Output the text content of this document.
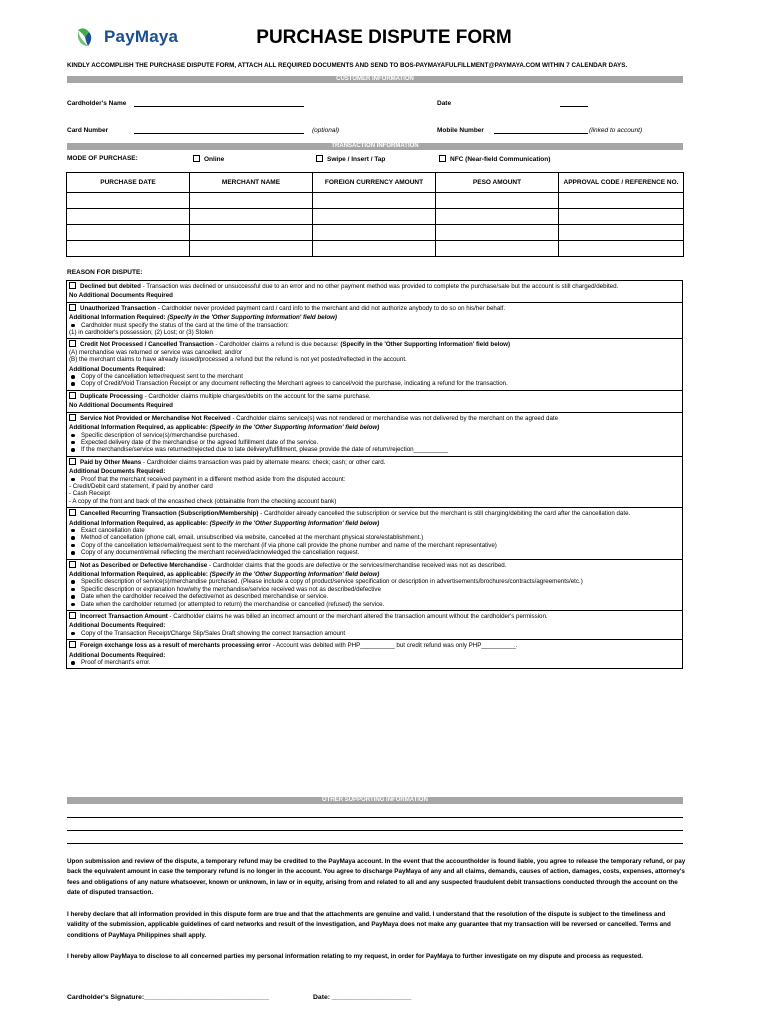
PayMaya	PURCHASE DISPUTE FORM
KINDLY ACCOMPLISH THE PURCHASE DISPUTE FORM, ATTACH ALL REQUIRED DOCUMENTS AND SEND TO BOS-PAYMAYAFULFILLMENT@PAYMAYA.COM WITHIN 7 CALENDAR DAYS.
CUSTOMER INFORMATION
Cardholder's Name	Date
Card Number	(optional)	Mobile Number	(linked to account)
TRANSACTION INFORMATION
MODE OF PURCHASE:	Online	Swipe / Insert / Tap	NFC (Near-field Communication)
PURCHASE DATE	MERCHANT NAME	FOREIGN CURRENCY AMOUNT	PESO AMOUNT	APPROVAL CODE / REFERENCE NO.

REASON FOR DISPUTE:
Declined but debited - Transaction was declined or unsuccessful due to an error and no other payment method was provided to complete the purchase/sale but the account is still charged/debited.
No Additional Documents Required
Unauthorized Transaction - Cardholder never provided payment card / card info to the merchant and did not authorize anybody to do so on his/her behalf.
Additional Information Required: (Specify in the 'Other Supporting Information' field below)
Cardholder must specify the status of the card at the time of the transaction:
(1) in cardholder's possession; (2) Lost; or (3) Stolen
Credit Not Processed / Cancelled Transaction - Cardholder claims a refund is due because: (Specify in the 'Other Supporting Information' field below)
(A) merchandise was returned or service was cancelled; and/or
(B) the merchant claims to have already issued/processed a refund but the refund is not yet posted/reflected in the account.
Additional Documents Required:
Copy of the cancellation letter/request sent to the merchant
Copy of Credit/Void Transaction Receipt or any document reflecting the Merchant agrees to cancel/void the purchase, indicating a refund for the transaction.
Duplicate Processing - Cardholder claims multiple charges/debits on the account for the same purchase.
No Additional Documents Required
Service Not Provided or Merchandise Not Received - Cardholder claims service(s) was not rendered or merchandise was not delivered by the merchant on the agreed date
Additional Information Required, as applicable: (Specify in the 'Other Supporting Information' field below)
Specific description of service(s)/merchandise purchased.
Expected delivery date of the merchandise or the agreed fulfillment date of the service.
If the merchandise/service was returned/rejected due to late delivery/fulfillment, please provide the date of return/rejection__________
Paid by Other Means - Cardholder claims transaction was paid by alternate means: check; cash; or other card.
Additional Documents Required:
Proof that the merchant received payment in a different method aside from the disputed account:
- Credit/Debit card statement, if paid by another card
- Cash Receipt
- A copy of the front and back of the encashed check (obtainable from the checking account bank)
Cancelled Recurring Transaction (Subscription/Membership) - Cardholder already cancelled the subscription or service but the merchant is still charging/debiting the card after the cancellation date.
Additional Information Required, as applicable: (Specify in the 'Other Supporting Information' field below)
Exact cancellation date
Method of cancellation (phone call, email, unsubscribed via website, cancelled at the merchant physical store/establishment.)
Copy of the cancellation letter/email/request sent to the merchant (if via phone call provide the phone number and name of the merchant representative)
Copy of any document/email reflecting the merchant received/acknowledged the cancellation request.
Not as Described or Defective Merchandise - Cardholder claims that the goods are defective or the services/merchandise received was not as described.
Additional Information Required, as applicable: (Specify in the 'Other Supporting Information' field below)
Specific description of service(s)/merchandise purchased. (Please include a copy of product/service specification or description in advertisements/brochures/contracts/agreements/etc.)
Specific description or explanation how/why the merchandise/service received was not as described/defective
Date when the cardholder received the defective/not as described merchandise or service.
Date when the cardholder returned (or attempted to return) the merchandise or cancelled (refused) the service.
Incorrect Transaction Amount - Cardholder claims he was billed an incorrect amount or the merchant altered the transaction amount without the cardholder's permission.
Additional Documents Required:
Copy of the Transaction Receipt/Charge Slip/Sales Draft showing the correct transaction amount
Foreign exchange loss as a result of merchants processing error - Account was debited with PHP__________ but credit refund was only PHP__________.
Additional Documents Required:
Proof of merchant's error.
OTHER SUPPORTING INFORMATION
Upon submission and review of the dispute, a temporary refund may be credited to the PayMaya account. In the event that the accountholder is found liable, you agree to release the temporary refund, or pay back the equivalent amount in case the temporary refund is no longer in the account. You agree to discharge PayMaya of any and all claims, demands, causes of action, damages, costs, expenses, attorney's fees and obligations of any nature whatsoever, known or unknown, in law or in equity, arising from and related to all and any suspected fraudulent debit transactions conducted through the account on the date of disputed transaction.
I hereby declare that all information provided in this dispute form are true and that the attachments are genuine and valid. I understand that the resolution of the dispute is subject to the timeliness and validity of the submission, applicable guidelines of card networks and result of the investigation, and PayMaya does not make any guarantee that my transaction will be reversed or cancelled. Terms and conditions of PayMaya Philippines shall apply.
I hereby allow PayMaya to disclose to all concerned parties my personal information relating to my request, in order for PayMaya to further investigate on my dispute and process as requested.
Cardholder's Signature:_________________________________	Date: _____________________
